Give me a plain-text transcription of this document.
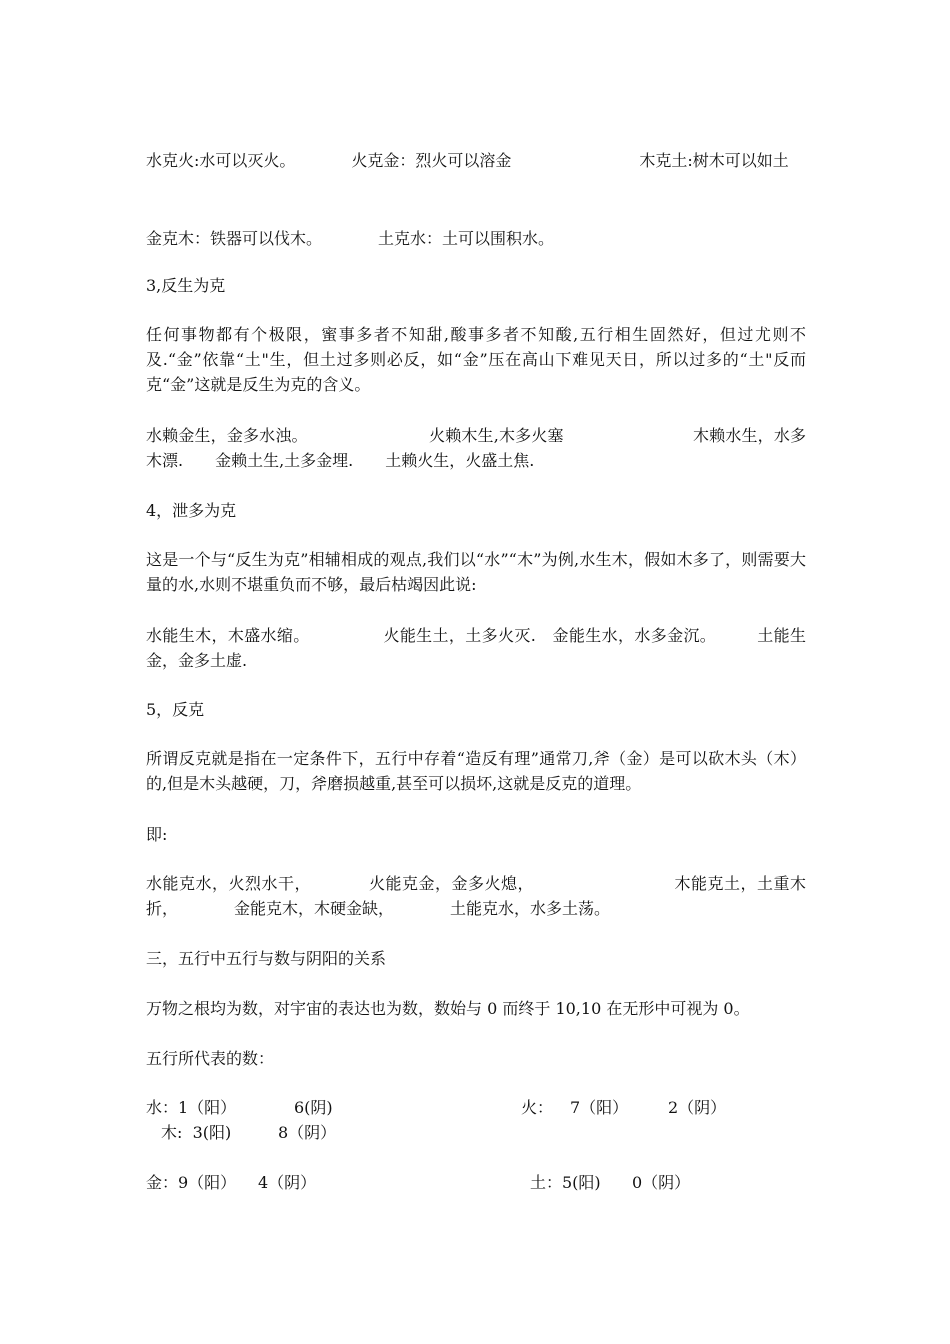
水克火:水可以灭火。　　　　火克金：烈火可以溶金　　　　　　　　木克土:树木可以如土
金克木：铁器可以伐木。　　　　土克水：土可以围积水。
3,反生为克
任何事物都有个极限，蜜事多者不知甜,酸事多者不知酸,五行相生固然好，但过尤则不及.“金”依靠“土"生，但土过多则必反，如“金”压在高山下难见天日，所以过多的“土"反而克“金”这就是反生为克的含义。
水赖金生，金多水浊。　　　　　　　　火赖木生,木多火塞　　　　　　　　木赖水生，水多木漂.　　金赖土生,土多金埋.　　土赖火生，火盛土焦.
4，泄多为克
这是一个与“反生为克”相辅相成的观点,我们以“水”“木”为例,水生木，假如木多了，则需要大量的水,水则不堪重负而不够，最后枯竭因此说:
水能生木，木盛水缩。　　　　　火能生土，土多火灭.　金能生水，水多金沉。　　　土能生金，金多土虚.
5，反克
所谓反克就是指在一定条件下，五行中存着“造反有理”通常刀,斧（金）是可以砍木头（木）的,但是木头越硬，刀，斧磨损越重,甚至可以损坏,这就是反克的道理。
即:
水能克水，火烈水干，　　　　火能克金，金多火熄，　　　　　　　　　木能克土，土重木折，　　　　金能克木，木硬金缺，　　　　土能克水，水多土荡。
三，五行中五行与数与阴阳的关系
万物之根均为数，对宇宙的表达也为数，数始与 0 而终于 10,10 在无形中可视为 0。
五行所代表的数：
水：1（阳）	6(阴)	火： 7（阳） 2（阴）
木:  3(阳)	8（阴）
金：9（阳） 4（阴）	土：5(阳) 0（阴）
